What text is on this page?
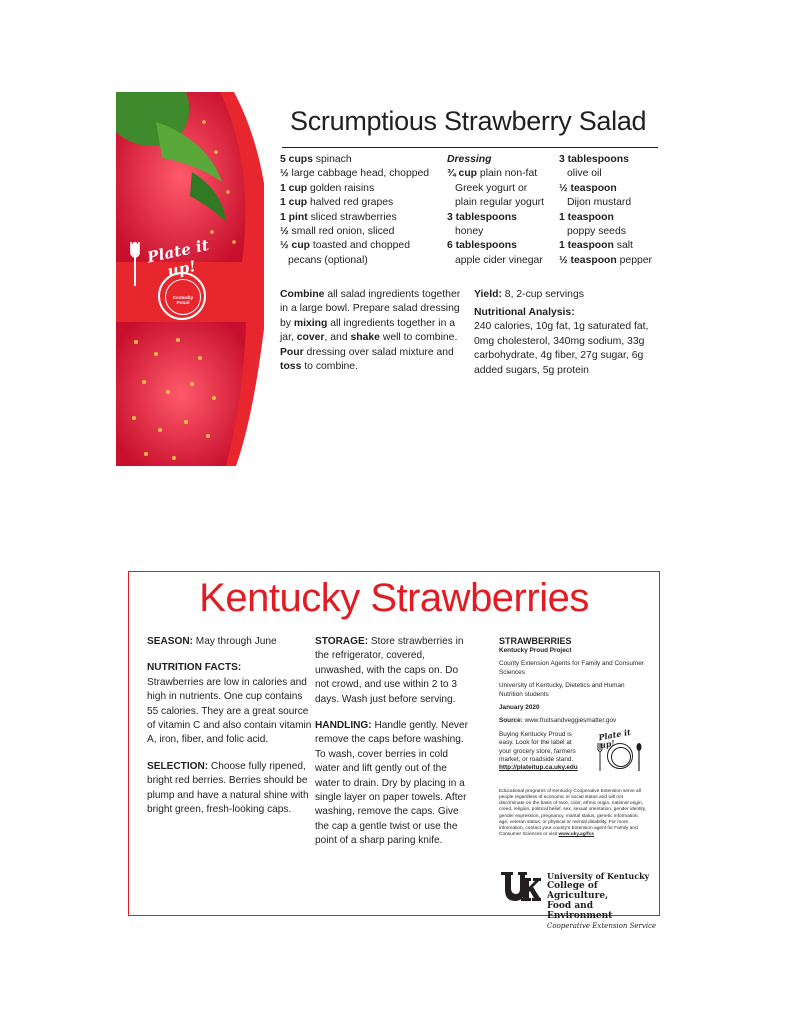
Plate it up!
Kentucky Proud
Scrumptious Strawberry Salad
5 cups spinach
½ large cabbage head, chopped
1 cup golden raisins
1 cup halved red grapes
1 pint sliced strawberries
½ small red onion, sliced
½ cup toasted and chopped
pecans (optional)
Dressing
¾ cup plain non-fat
Greek yogurt or
plain regular yogurt
3 tablespoons
honey
6 tablespoons
apple cider vinegar
3 tablespoons
olive oil
½ teaspoon
Dijon mustard
1 teaspoon
poppy seeds
1 teaspoon salt
½ teaspoon pepper
Combine all salad ingredients together in a large bowl. Prepare salad dressing by mixing all ingredients together in a jar, cover, and shake well to combine. Pour dressing over salad mixture and toss to combine.
Yield: 8, 2-cup servings
Nutritional Analysis:
240 calories, 10g fat, 1g saturated fat, 0mg cholesterol, 340mg sodium, 33g carbohydrate, 4g fiber, 27g sugar, 6g added sugars, 5g protein
Kentucky Strawberries

SEASON: May through June

NUTRITION FACTS:
Strawberries are low in calories and high in nutrients. One cup contains 55 calories. They are a great source of vitamin C and also contain vitamin A, iron, fiber, and folic acid.

SELECTION: Choose fully ripened, bright red berries. Berries should be plump and have a natural shine with bright green, fresh-looking caps.

STORAGE: Store strawberries in the refrigerator, covered, unwashed, with the caps on. Do not crowd, and use within 2 to 3 days. Wash just before serving.

HANDLING: Handle gently. Never remove the caps before washing. To wash, cover berries in cold water and lift gently out of the water to drain. Dry by placing in a single layer on paper towels. After washing, remove the caps. Give the cap a gentle twist or use the point of a sharp paring knife.

STRAWBERRIES
Kentucky Proud Project
County Extension Agents for Family and Consumer Sciences
University of Kentucky, Dietetics and Human Nutrition students
January 2020
Source: www.fruitsandveggiesmatter.gov
Buying Kentucky Proud is easy. Look for the label at your grocery store, farmers market, or roadside stand.
http://plateitup.ca.uky.edu
Plate it up!
Educational programs of Kentucky Cooperative Extension serve all people regardless of economic or social status and will not discriminate on the basis of race, color, ethnic origin, national origin, creed, religion, political belief, sex, sexual orientation, gender identity, gender expression, pregnancy, marital status, genetic information, age, veteran status, or physical or mental disability. For more information, contact your county's Extension agent for Family and Consumer Sciences or visit www.uky.ag/fcs
University of Kentucky
College of Agriculture,
Food and Environment
Cooperative Extension Service
